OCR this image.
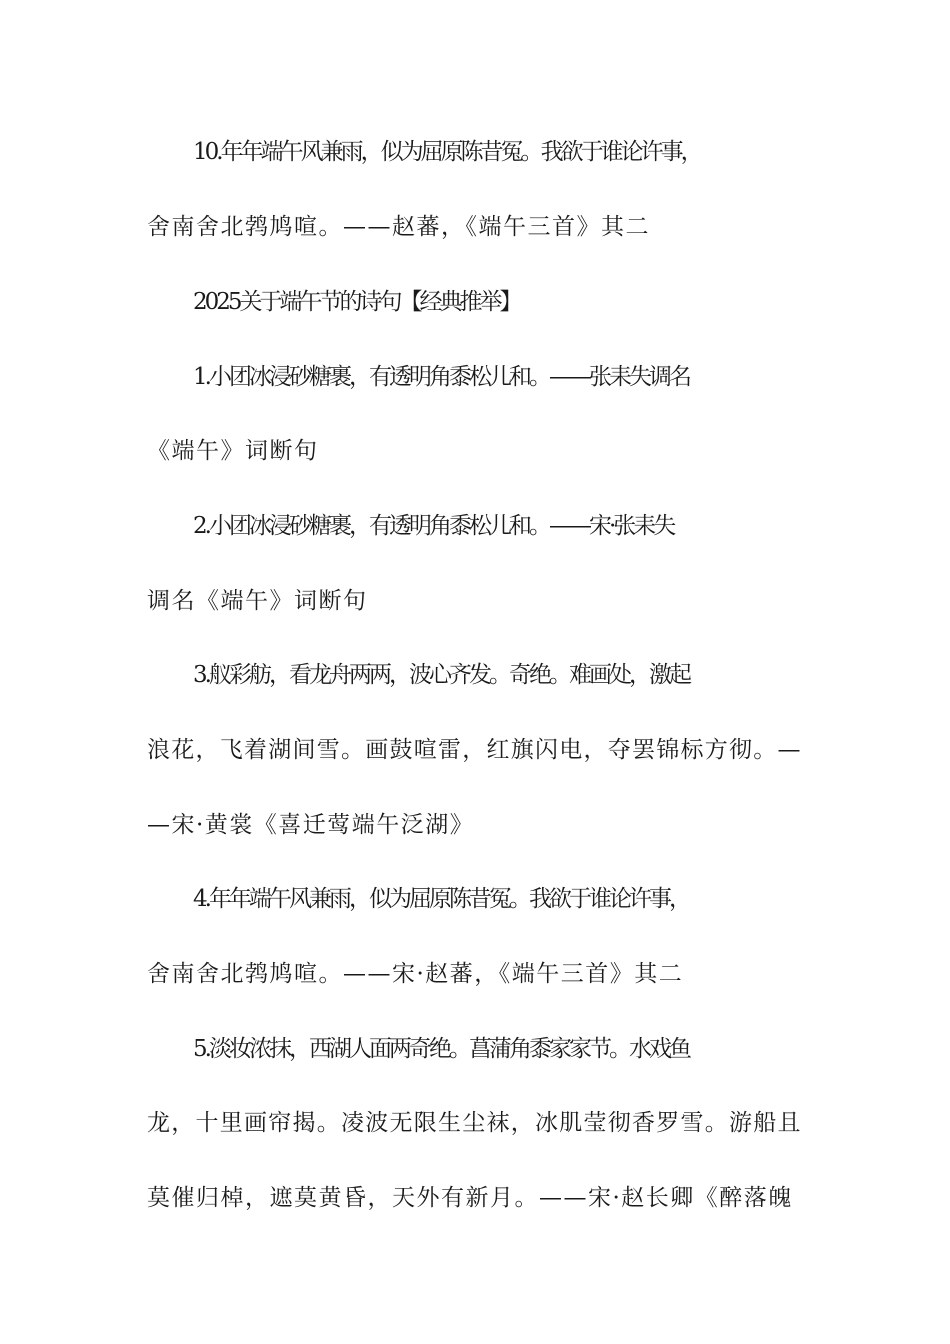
10.年年端午风兼雨，似为屈原陈昔冤。我欲于谁论许事，
舍南舍北鹁鸠喧。——赵蕃，《端午三首》其二
2025关于端午节的诗句【经典推举】
1.小团冰浸砂糖裹，有透明角黍松儿和。——张耒失调名
《端午》词断句
2.小团冰浸砂糖裹，有透明角黍松儿和。——宋·张耒失
调名《端午》词断句
3.舣彩舫，看龙舟两两，波心齐发。奇绝。难画处，激起
浪花，飞着湖间雪。画鼓喧雷，红旗闪电，夺罢锦标方彻。—
—宋·黄裳《喜迁莺端午泛湖》
4.年年端午风兼雨，似为屈原陈昔冤。我欲于谁论许事，
舍南舍北鹁鸠喧。——宋·赵蕃，《端午三首》其二
5.淡妆浓抹，西湖人面两奇绝。菖蒲角黍家家节。水戏鱼
龙，十里画帘揭。凌波无限生尘袜，冰肌莹彻香罗雪。游船且
莫催归棹，遮莫黄昏，天外有新月。——宋·赵长卿《醉落魄
